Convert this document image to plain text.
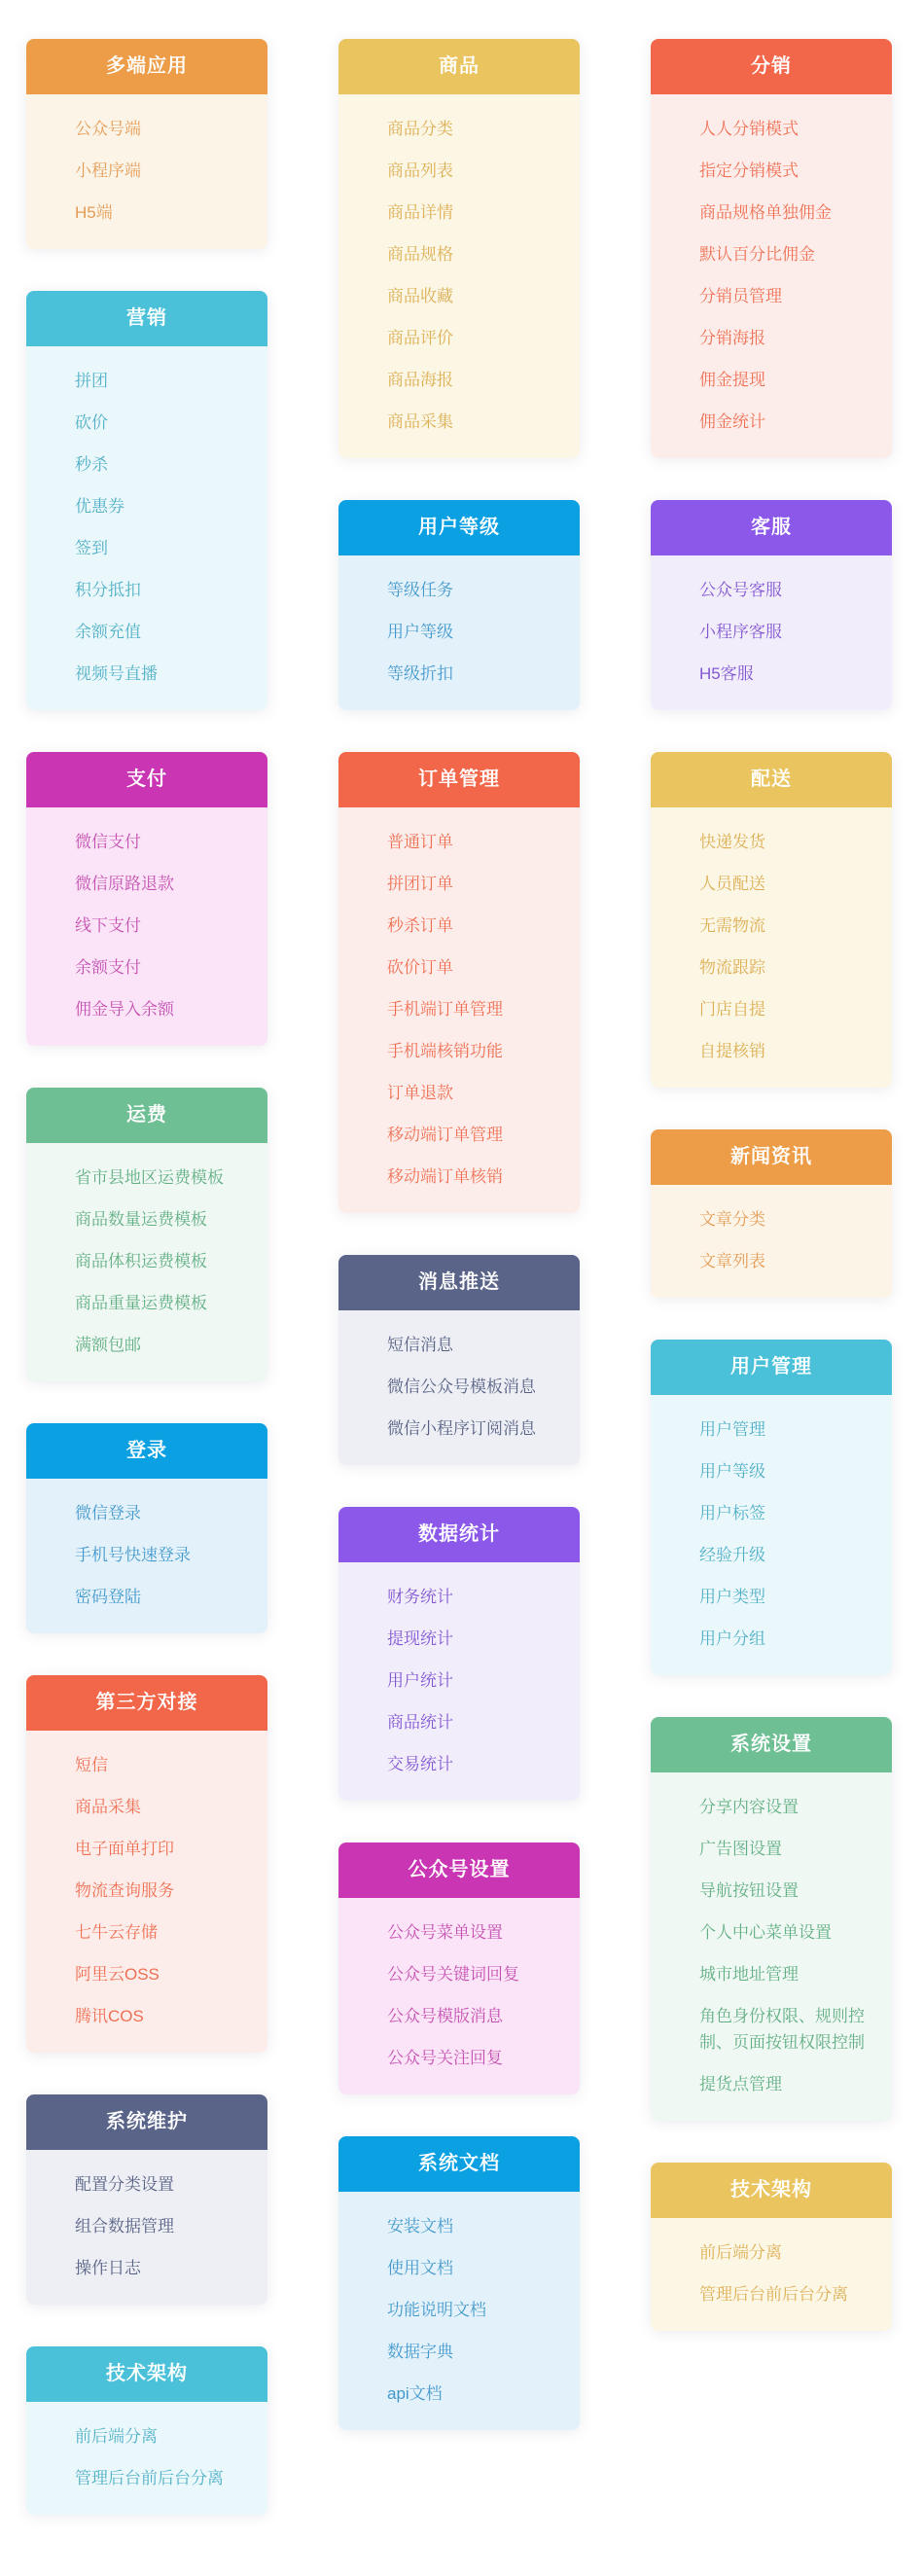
多端应用
公众号端
小程序端
H5端
营销
拼团
砍价
秒杀
优惠券
签到
积分抵扣
余额充值
视频号直播
支付
微信支付
微信原路退款
线下支付
余额支付
佣金导入余额
运费
省市县地区运费模板
商品数量运费模板
商品体积运费模板
商品重量运费模板
满额包邮
登录
微信登录
手机号快速登录
密码登陆
第三方对接
短信
商品采集
电子面单打印
物流查询服务
七牛云存储
阿里云OSS
腾讯COS
系统维护
配置分类设置
组合数据管理
操作日志
技术架构
前后端分离
管理后台前后台分离
商品
商品分类
商品列表
商品详情
商品规格
商品收藏
商品评价
商品海报
商品采集
用户等级
等级任务
用户等级
等级折扣
订单管理
普通订单
拼团订单
秒杀订单
砍价订单
手机端订单管理
手机端核销功能
订单退款
移动端订单管理
移动端订单核销
消息推送
短信消息
微信公众号模板消息
微信小程序订阅消息
数据统计
财务统计
提现统计
用户统计
商品统计
交易统计
公众号设置
公众号菜单设置
公众号关键词回复
公众号模版消息
公众号关注回复
系统文档
安装文档
使用文档
功能说明文档
数据字典
api文档
分销
人人分销模式
指定分销模式
商品规格单独佣金
默认百分比佣金
分销员管理
分销海报
佣金提现
佣金统计
客服
公众号客服
小程序客服
H5客服
配送
快递发货
人员配送
无需物流
物流跟踪
门店自提
自提核销
新闻资讯
文章分类
文章列表
用户管理
用户管理
用户等级
用户标签
经验升级
用户类型
用户分组
系统设置
分享内容设置
广告图设置
导航按钮设置
个人中心菜单设置
城市地址管理
角色身份权限、规则控制、页面按钮权限控制
提货点管理
技术架构
前后端分离
管理后台前后台分离
